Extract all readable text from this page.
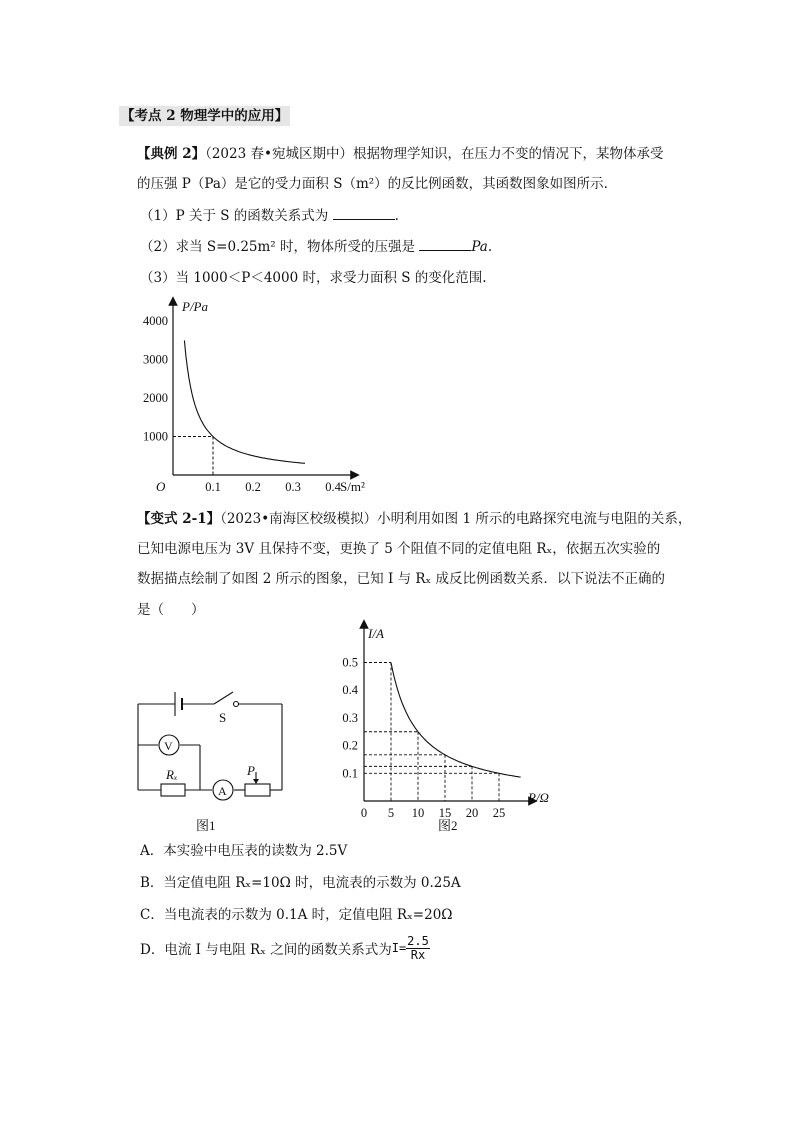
【考点 2 物理学中的应用】
【典例 2】（2023 春•宛城区期中）根据物理学知识，在压力不变的情况下，某物体承受
的压强 P（Pa）是它的受力面积 S（m²）的反比例函数，其函数图象如图所示.
（1）P 关于 S 的函数关系式为	.
（2）求当 S=0.25m² 时，物体所受的压强是	Pa.
（3）当 1000＜P＜4000 时，求受力面积 S 的变化范围.
P/Pa
S/m²
O
1000
2000
3000
4000
0.1 0.2 0.3 0.4
【变式 2-1】（2023•南海区校级模拟）小明利用如图 1 所示的电路探究电流与电阻的关系，
已知电源电压为 3V 且保持不变，更换了 5 个阻值不同的定值电阻 Rₓ，依据五次实验的
数据描点绘制了如图 2 所示的图象，已知 I 与 Rₓ 成反比例函数关系．以下说法不正确的
是（　　）
S
V
A
Rₓ	P
图1
I/A
R/Ω
0.1
0.2
0.3
0.4
0.5
0 5 10 15 20 25
图2
A．本实验中电压表的读数为 2.5V
B．当定值电阻 Rₓ=10Ω 时，电流表的示数为 0.25A
C．当电流表的示数为 0.1A 时，定值电阻 Rₓ=20Ω
D．电流 I 与电阻 Rₓ 之间的函数关系式为 $I= \frac{2.5}{Rx}$
